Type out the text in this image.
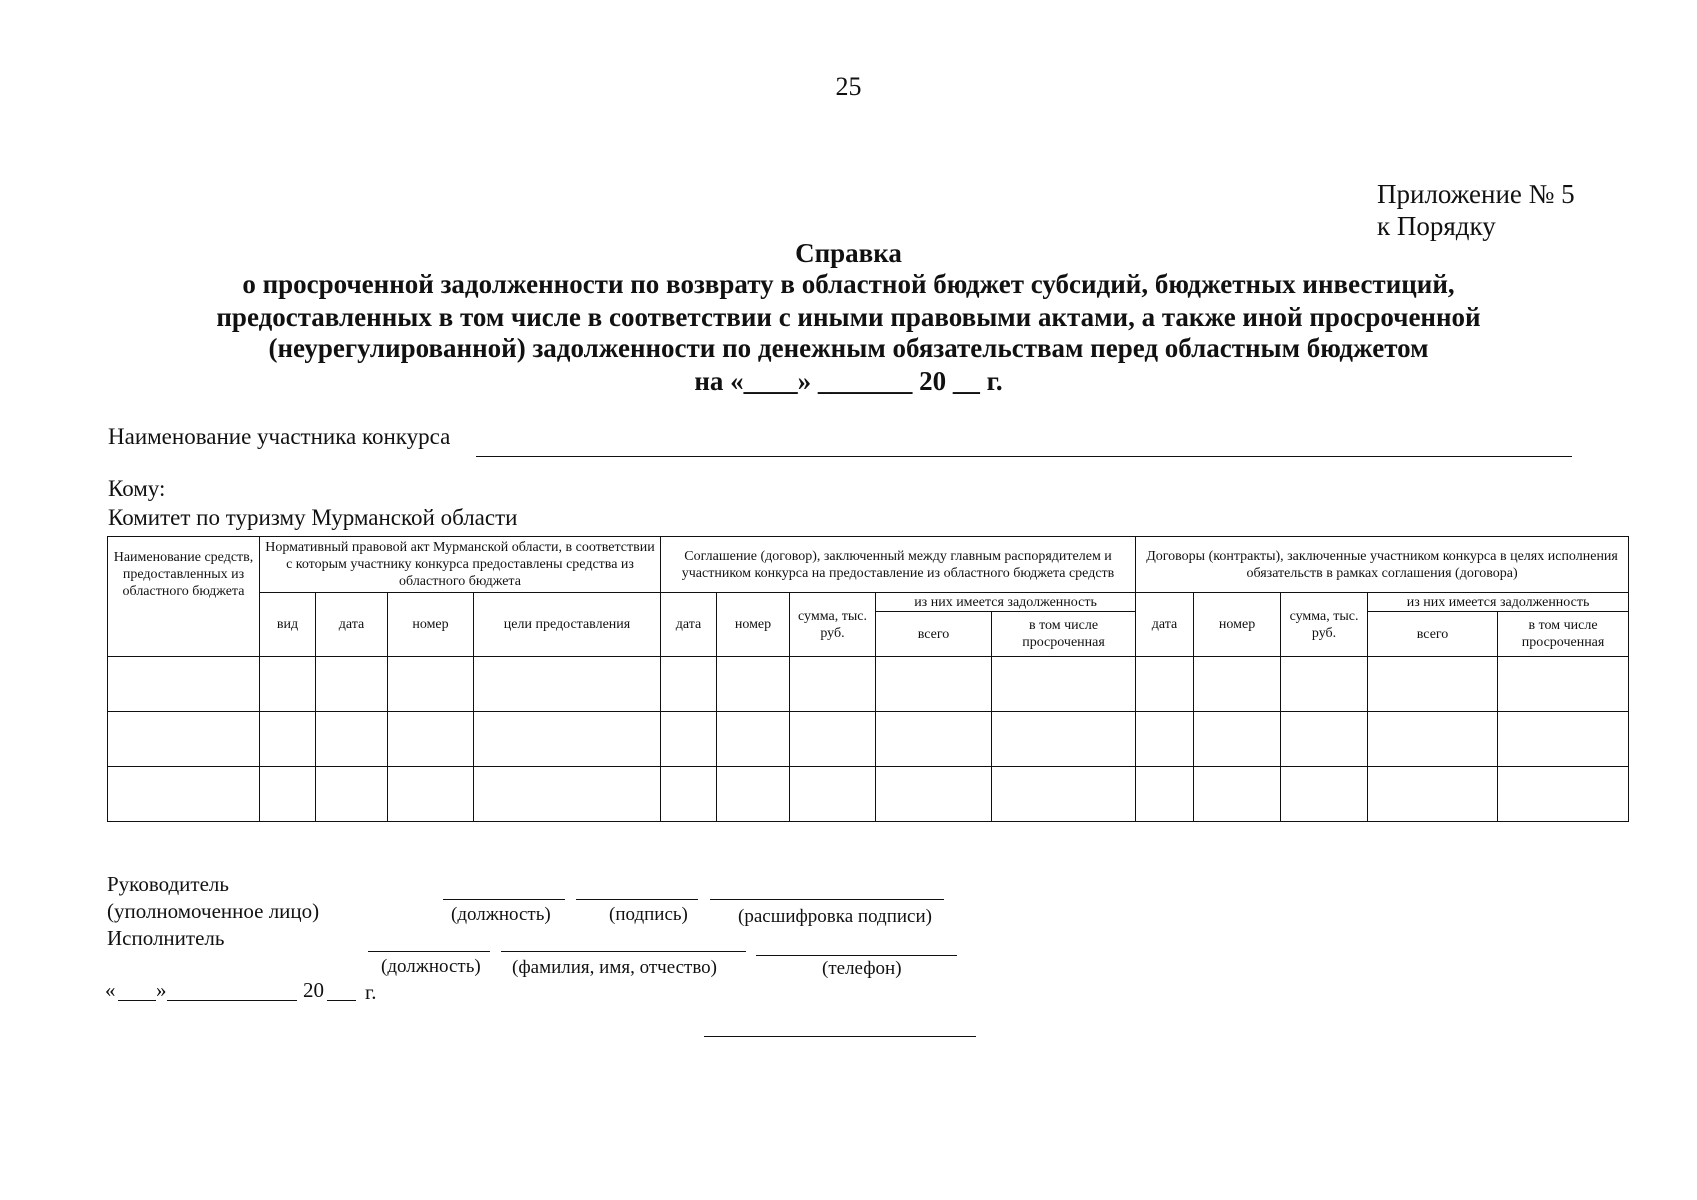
25
Приложение № 5
к Порядку
Справка
о просроченной задолженности по возврату в областной бюджет субсидий, бюджетных инвестиций,
предоставленных в том числе в соответствии с иными правовыми актами, а также иной просроченной
(неурегулированной) задолженности по денежным обязательствам перед областным бюджетом
на «____» _______ 20 __ г.
Наименование участника конкурса
Кому:
Комитет по туризму Мурманской области
Наименование средств, предоставленных из областного бюджета	Нормативный правовой акт Мурманской области, в соответствии с которым участнику конкурса предоставлены средства из областного бюджета				Соглашение (договор), заключенный между главным распорядителем и участником конкурса на предоставление из областного бюджета средств					Договоры (контракты), заключенные участником конкурса в целях исполнения обязательств в рамках соглашения (договора)				
	вид	дата	номер	цели предоставления	дата	номер	сумма, тыс. руб.	из них имеется задолженность		дата	номер	сумма, тыс. руб.	из них имеется задолженность	
								всего	в том числе просроченная				всего	в том числе просроченная

Руководитель
(уполномоченное лицо)	(должность)	(подпись)	(расшифровка подписи)
Исполнитель
(должность) (фамилия, имя, отчество)	(телефон)
« »	20 г.
